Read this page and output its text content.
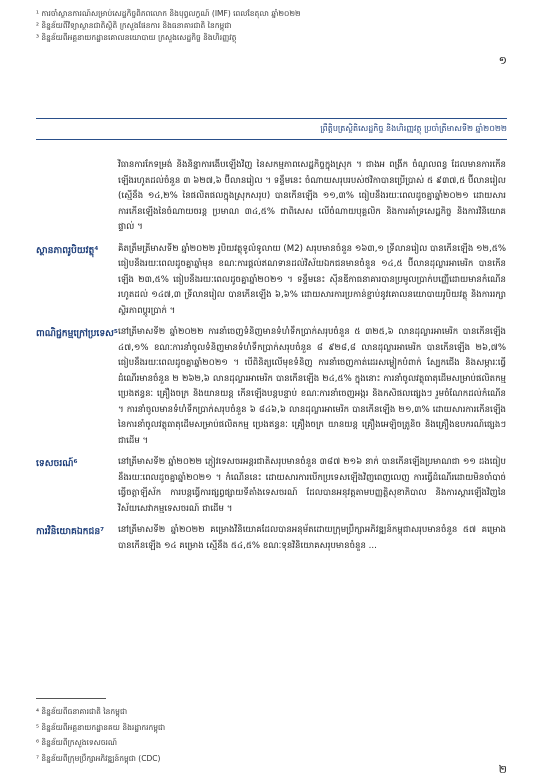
¹ ការចាំស្ថានការណ៍សម្រាប់សេដ្ឋកិច្ចពិភពលោក និងបុព្វលក្ខណ៍ (IMF) ពេលខែតុលា ឆ្នាំ២០២២
² និន្នន័យពីវិទ្យាស្ថានជាតិស្ថិតិ ក្រសួងផែនការ និងធនាគារជាតិ នៃកម្ពុជា
³ និន្នន័យពីអគ្គនាយកដ្ឋានគោលនយោបាយ ក្រសួងសេដ្ឋកិច្ច និងហិរញ្ញវត្ថុ
១
ព្រឹត្តិបត្រស្ថិតិសេដ្ឋកិច្ច និងហិរញ្ញវត្ថុ ប្រចាំត្រីមាសទី២ ឆ្នាំ២០២២
វិធានការកែទម្រង់ និងនិន្នាការងើបឡើងវិញ នៃសកម្មភាពសេដ្ឋកិច្ចក្នុងស្រុក ។ ជាងអ ពង្រីក ចំណូលពន្ធ ដែលមានការកើនឡើងរហូតដល់ចំនួន ៣ ៦២៧,៦ ប៊ីលានរៀល ។ ទន្ទឹមនេះ ចំណាយសរុបរបស់ថវិកាបានប្រើប្រាស់ ៥ ៩៣៧,៥ ប៊ីលានរៀល (ស្មើនឹង ១៤,២% នៃផលិតផលក្នុងស្រុកសរុប) បានកើនឡើង ១១,៣% ធៀបនឹងរយៈពេលដូចគ្នាឆ្នាំ២០២១ ដោយសារការកើនឡើងនៃចំណាយចរន្ត ប្រមាណ ៣៤,៥% ជាពិសេស លើចំណាយបុគ្គលិក និងការគាំទ្រសេដ្ឋកិច្ច និងការវិនិយោគផ្ទាល់ ។
ស្ថានភាពរូបិយវត្ថុ⁴	គិតត្រឹមត្រីមាសទី២ ឆ្នាំ២០២២ រូបិយវត្ថុទូលំទូលាយ (M2) សរុបមានចំនួន ១៦៣,១ ទ្រីលានរៀល បានកើនឡើង ១២,៥% ធៀបនឹងរយៈពេលដូចគ្នាឆ្នាំមុន ខណៈការផ្តល់ឥណទានដល់វិស័យឯកជនមានចំនួន ១៤,៥ ប៊ីលានដុល្លារអាមេរិក បានកើនឡើង ២៣,៥% ធៀបនឹងរយៈពេលដូចគ្នាឆ្នាំ២០២១ ។ ទន្ទឹមនេះ ស៊ីនឌីកាធនាគារបានប្រមូលប្រាក់បញ្ញើដោយមានកំណើនរហូតដល់ ១៤៧,៣ ទ្រីលានរៀល បានកើនឡើង ៦,៦% ដោយសារការប្រកាន់ខ្ជាប់នូវគោលនយោបាយរូបិយវត្ថុ និងការរក្សាស្ថិរភាពប្តូរប្រាក់ ។
ពាណិជ្ជកម្មក្រៅប្រទេស⁵ នៅត្រីមាសទី២ ឆ្នាំ២០២២ ការនាំចេញទំនិញមានទំហំទឹកប្រាក់សរុបចំនួន ៥ ៣២៥,៦ លានដុល្លារអាមេរិក បានកើនឡើង ៤៧,១% ខណៈការនាំចូលទំនិញមានទំហំទឹកប្រាក់សរុបចំនួន ៨ ៩២៨,៨ លានដុល្លារអាមេរិក បានកើនឡើង ២៦,៧% ធៀបនឹងរយៈពេលដូចគ្នាឆ្នាំ២០២១ ។ បើពិនិត្យលើមុខទំនិញ ការនាំចេញកាត់ដេរសម្លៀកបំពាក់ ស្បែកជើង និងសម្ភារៈធ្វើដំណើរមានចំនួន ២ ២៦២,៦ លានដុល្លារអាមេរិក បានកើនឡើង ២៤,៥% ក្នុងនោះ ការនាំចូលវត្ថុធាតុដើមសម្រាប់ផលិតកម្ម ប្រេងឥន្ធនៈ គ្រឿងចក្រ និងយានយន្ត កើនឡើងបន្តបន្ទាប់ ខណៈការនាំចេញអង្ករ និងកសិផលផ្សេងៗ រួមចំណែកដល់កំណើន ។ ការនាំចូលមានទំហំទឹកប្រាក់សរុបចំនួន ៦ ៨៤៦,៦ លានដុល្លារអាមេរិក បានកើនឡើង ២១,៣% ដោយសារការកើនឡើងនៃការនាំចូលវត្ថុធាតុដើមសម្រាប់ផលិតកម្ម ប្រេងឥន្ធនៈ គ្រឿងចក្រ យានយន្ត គ្រឿងអេឡិចត្រូនិច និងគ្រឿងឧបករណ៍ផ្សេងៗ ជាដើម ។
ទេសចរណ៍⁶	នៅត្រីមាសទី២ ឆ្នាំ២០២២ ភ្ញៀវទេសចរអន្តរជាតិសរុបមានចំនួន ៣៨៧ ២១៦ នាក់ បានកើនឡើងប្រមាណជា ១១ ដងធៀបនឹងរយៈពេលដូចគ្នាឆ្នាំ២០២១ ។ កំណើននេះ ដោយសារការបើកប្រទេសឡើងវិញពេញលេញ ការធ្វើដំណើរដោយមិនចាំបាច់ធ្វើចត្តាឡីស័ក ការបន្តធ្វើការផ្សព្វផ្សាយទីតាំងទេសចរណ៍ ដែលបានអនុវត្តតាមបញ្ញត្តិសុខាភិបាល និងការស្តារឡើងវិញនៃវិស័យសេវាកម្មទេសចរណ៍ ជាដើម ។
ការវិនិយោគឯកជន⁷	នៅត្រីមាសទី២ ឆ្នាំ២០២២ គម្រោងវិនិយោគដែលបានអនុម័តដោយក្រុមប្រឹក្សាអភិវឌ្ឍន៍កម្ពុជាសរុបមានចំនួន ៥៧ គម្រោង បានកើនឡើង ១៤ គម្រោង ស្មើនឹង ៥៤,៥% ខណៈទុនវិនិយោគសរុបមានចំនួន ...
⁴ និន្នន័យពីធនាគារជាតិ នៃកម្ពុជា
⁵ និន្នន័យពីអគ្គនាយកដ្ឋានគយ និងរដ្ឋាករកម្ពុជា
⁶ និន្នន័យពីក្រសួងទេសចរណ៍
⁷ និន្នន័យពីក្រុមប្រឹក្សាអភិវឌ្ឍន៍កម្ពុជា (CDC)
២
